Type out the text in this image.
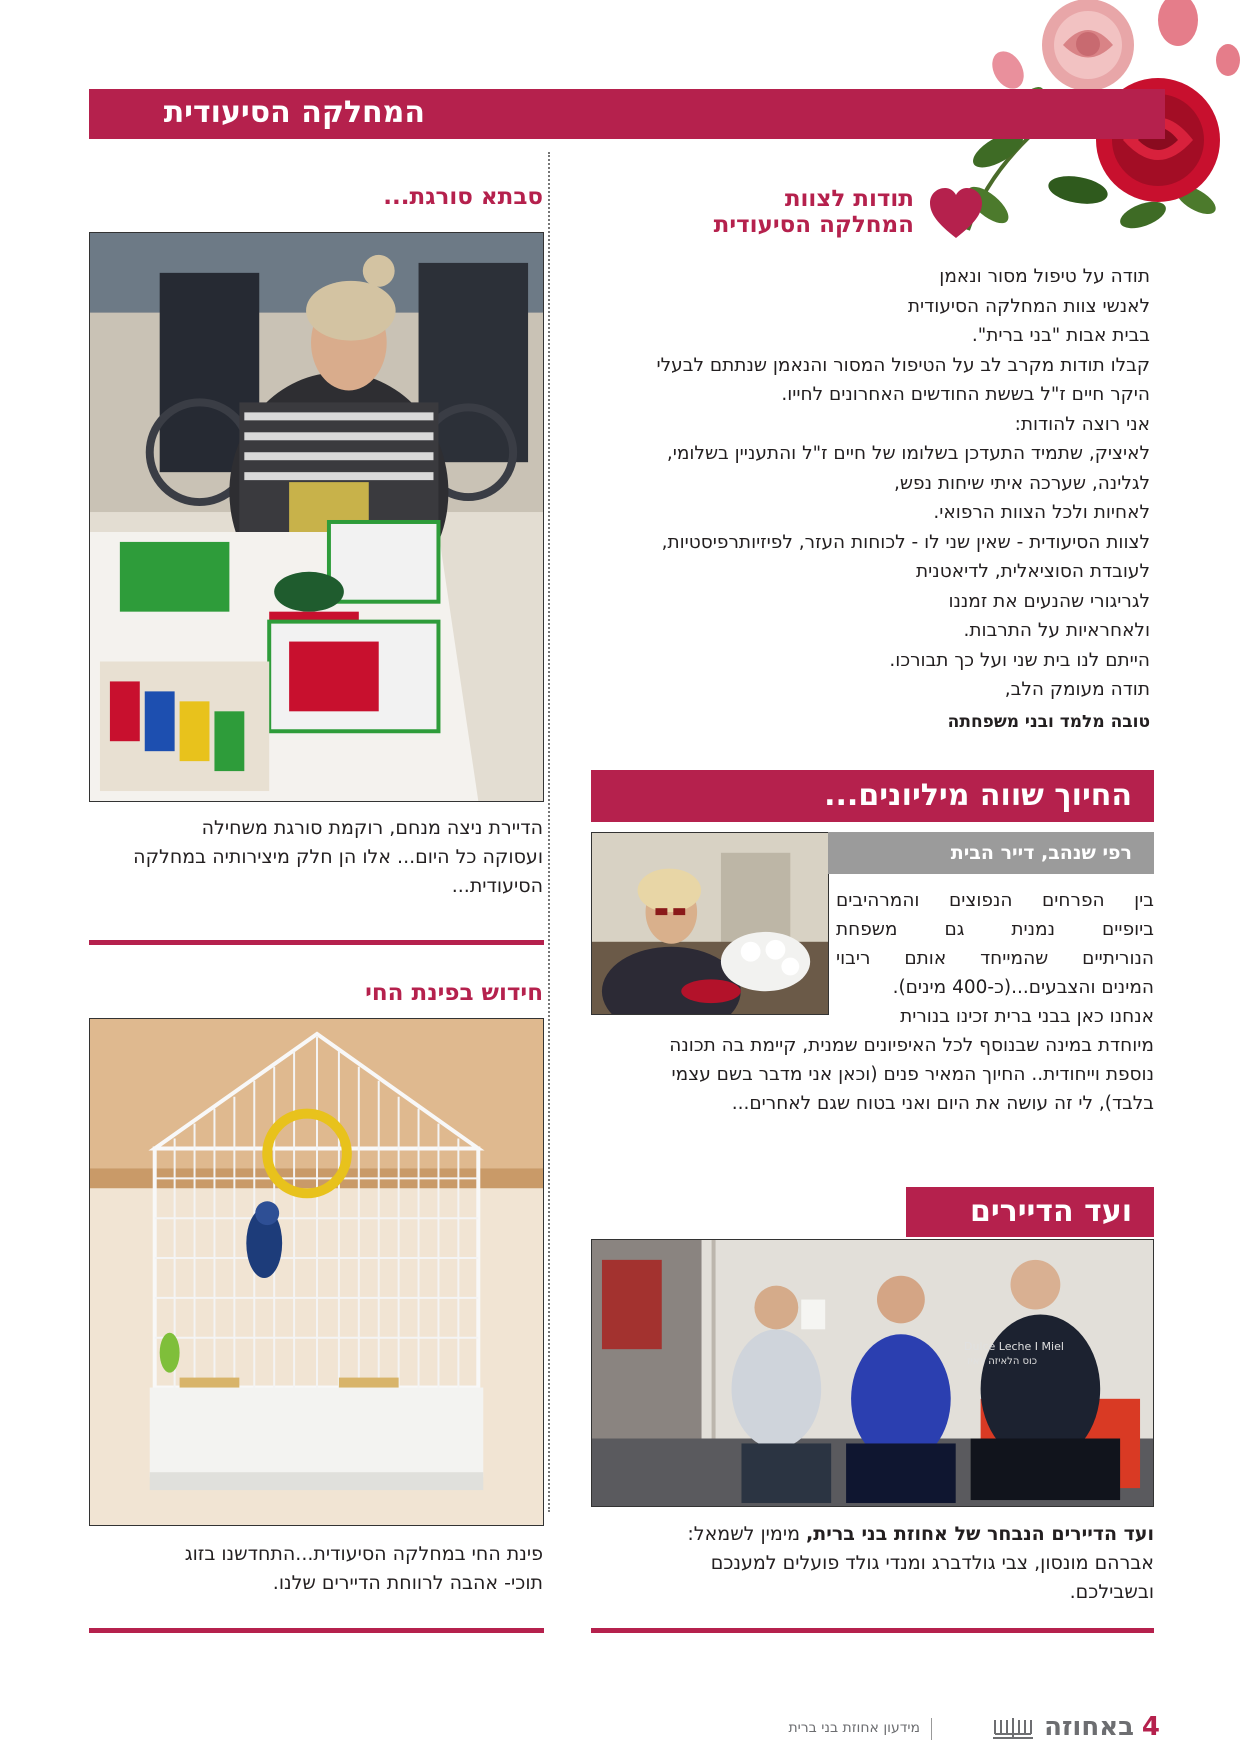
המחלקה הסיעודית
תודות לצוות
המחלקה הסיעודית
תודה על טיפול מסור ונאמן
לאנשי צוות המחלקה הסיעודית
בבית אבות "בני ברית".
קבלו תודות מקרב לב על הטיפול המסור והנאמן שנתתם לבעלי
היקר חיים ז"ל בששת החודשים האחרונים לחייו.
אני רוצה להודות:
לאיציק, שתמיד התעדכן בשלומו של חיים ז"ל והתעניין בשלומי,
לגלינה, שערכה איתי שיחות נפש,
לאחיות ולכל הצוות הרפואי.
לצוות הסיעודית - שאין שני לו - לכוחות העזר, לפיזיותרפיסטיות,
לעובדת הסוציאלית, לדיאטנית
לגריגורי שהנעים את זמננו
ולאחראיות על התרבות.
הייתם לנו בית שני ועל כך תבורכו.
תודה מעומק הלב,
טובה מלמד ובני משפחתה
החיוך שווה מיליונים...
רפי שנהב, דייר הבית
בין הפרחים הנפוצים והמרהיבים
ביופיים נמנית גם משפחת
הנוריתיים שהמייחד אותם ריבוי
המינים והצבעים...(כ-400 מינים).
אנחנו כאן בבני ברית זכינו בנורית
מיוחדת במינה שבנוסף לכל האיפיונים שמנית, קיימת בה תכונה
נוספת וייחודית.. החיוך המאיר פנים (וכאן אני מדבר בשם עצמי
בלבד), לי זה עושה את היום ואני בטוח שגם לאחרים...
ועד הדיירים
Dulce Leche I Miel
כוס הלאיזה לאיז
ועד הדיירים הנבחר של אחוזת בני ברית, מימין לשמאל:
אברהם מונסון, צבי גולדברג ומנדי גולד פועלים למענכם
ובשבילכם.
סבתא סורגת...
הדיירת ניצה מנחם, רוקמת סורגת משחילה
ועסוקה כל היום... אלו הן חלק מיצירותיה במחלקה
הסיעודית...
חידוש בפינת החי
פינת החי במחלקה הסיעודית...התחדשנו בזוג
תוכי- אהבה לרווחת הדיירים שלנו.
4
באחוזה
מידעון אחוזת בני ברית
